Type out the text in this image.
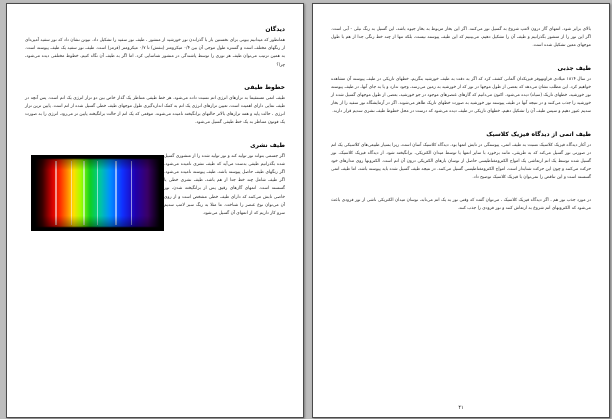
دیدگان

همانطور که میدانیم بیونی برای نخستین بار با گذراندن نور خورشید از منشور ، طیف نور سفید را تشکیل داد. نیوتن نشان داد که نور سفید آمیزه‌ای از رنگهای مختلف است و گستره طول موجی آن بین ۰/۴ میکرومتر (بنفش) تا ۰/۷ میکرومتر (قرمز) است. طیف نور سفید یک طیف پیوسته است. به همین ترتیب می‌توان طیف هر نوری را توسط پاشندگی در منشور شناسایی کرد. اما اگر به طیف آن نگاه کنیم، خطوط مختلفی دیده می‌شود، چرا؟

خطوط طیفی

طیف اتمی مستقیما به ترازهای انرژی اتم نسبت داده می‌شود. هر خط طیفی متناظر یک گذار خاص بین دو تراز انرژی یک اتم است. پس آنچه در طیف نمایی دارای اهمیت است، تعیین ترازهای انرژی یک اتم به کمک اندازه‌گیری طول موجهای طیف خطی گسیل شده از اتم است. پایین ترین تراز انرژی ، حالت پایه و همه ترازهای بالاتر حالتهای برانگیخته نامیده می‌شوند. موقعی که یک اتم از حالت برانگیخته پایین تر می‌رود، انرژی را به صورت یک فوتون متناظر به یک خط طیفی گسیل می‌شود.

طیف نشری

اگر جسمی بتواند نور تولید کند و نور تولید شده را از منشوری گسیل شده بگذرانیم طیفی بدست می‌آید که طیف نشری نامیده می‌شود. اگر رنگهای طیف حاصل پیوسته باشد، طیف پیوسته نامیده می‌شود. اگر طیف شامل چند خط جدا از هم باشد، طیف نشری خطی یا گسسته است. اتمهای گازهای رقیق پس از برانگیخته شدن، نور خاصی تابش می‌کنند که دارای طیف خطی مشخص است و از روی آن می‌توان نوع عنصر را شناخت. ما مثلا به رنگ سبز لامپ سدیم سرو کار داریم که از اتمهای آن گسیل می‌شود.

بالای برابر شود. اتمهای گاز درون لامپ شروع به گسیل نور می‌کنند. اگر این بخار مربوط به بخار جیوه باشد، این گسیل به رنگ نیلی - آبی است. اگر این نور را از منشور بگذرانیم و طیف آن را تشکیل دهیم، می‌بینیم که این طیف پیوسته نیست، بلکه تنها از چند خط رنگی جدا از هم با طول موجهای معین تشکیل شده است.

طیف جذبی

در سال ۱۸۱۴ میلادی فراونهوفر فیزیکدان آلمانی کشف کرد که اگر به دقت به طیف خورشید بنگریم، خطهای تاریکی در طیف پیوسته آن مشاهده خواهیم کرد. این مطلب نشان می‌دهد که بعضی از طول موجها در نور که از خورشید به زمین می‌رسد، وجود ندارد و یا به جای آنها، در طیف پیوسته نور خورشید، خطهای تاریک (سیاه) دیده می‌شود. اکنون می‌دانیم که گازهای عنصرهای موجود در جو خورشید، بعضی از طول موجهای گسیل شده از خورشید را جذب می‌کنند و در نتیجه آنها در طیف پیوسته نور خورشید به صورت خطهای تاریک ظاهر می‌شوند. اگر در آزمایشگاه نور سفید را از بخار سدیم عبور دهیم و سپس طیف آن را تشکیل دهیم، خطهای تاریکی در طیف دیده می‌شود که درست در محل خطوط طیف نشری سدیم قرار دارند.

طیف اتمی از دیدگاه فیزیک کلاسیک

در آغاز دیدگاه فیزیک کلاسیک نسبت به طیف اتمی، پیوستگی در تابش اتمها بود. دیدگاه کلاسیک آسان است، زیرا بسیار طبیعی‌های کلاسیکی یک اتم در صورتی نور گسیل می‌کند که به طریقی، مانند برخورد با سایر اتمها یا توسط میدان الکتریکی، برانگیخته شود. از دیدگاه فیزیک کلاسیک، نور گسیل شده توسط یک اتم ارتعاشی یک امواج الکترومغناطیسی حاصل از نوسان بارهای الکتریکی درون آن اتم است. الکترونها روی مدارهای خود حرکت می‌کنند و چون این حرکت شتابدار است، امواج الکترومغناطیسی گسیل می‌کنند. در نتیجه طیف گسیل شده باید پیوسته باشد، اما طیف اتمی گسسته است و این تناقض را نمی‌توان با فیزیک کلاسیک توضیح داد.

در مورد جذب نور هم ، اگر دیدگاه فیزیک کلاسیک ، می‌توان گفت که وقتی نور به یک اتم می‌تابد، نوسان میدان الکتریکی ناشی از نور فرودی باعث می‌شود که الکترونهای اتم شروع به ارتعاش کنند و نور فرودی را جذب کنند.

۴۱
